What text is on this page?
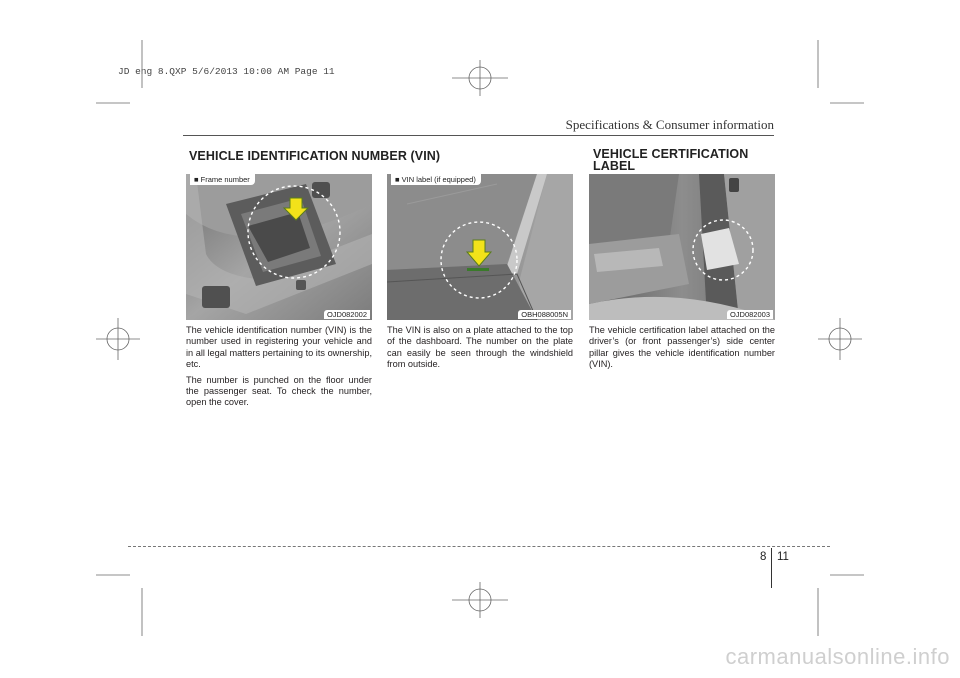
JD eng 8.QXP 5/6/2013 10:00 AM Page 11
Specifications & Consumer information
VEHICLE IDENTIFICATION NUMBER (VIN)	VEHICLE CERTIFICATION LABEL
■ Frame number
OJD082002
■ VIN label (if equipped)
OBH088005N	OJD082003

The vehicle identification number (VIN) is the number used in registering your vehicle and in all legal matters pertaining to its ownership, etc.

The number is punched on the floor under the passenger seat. To check the number, open the cover.

The VIN is also on a plate attached to the top of the dashboard. The number on the plate can easily be seen through the windshield from outside.

The vehicle certification label attached on the driver’s (or front passenger’s) side center pillar gives the vehicle identification number (VIN).

8 11
carmanualsonline.info
